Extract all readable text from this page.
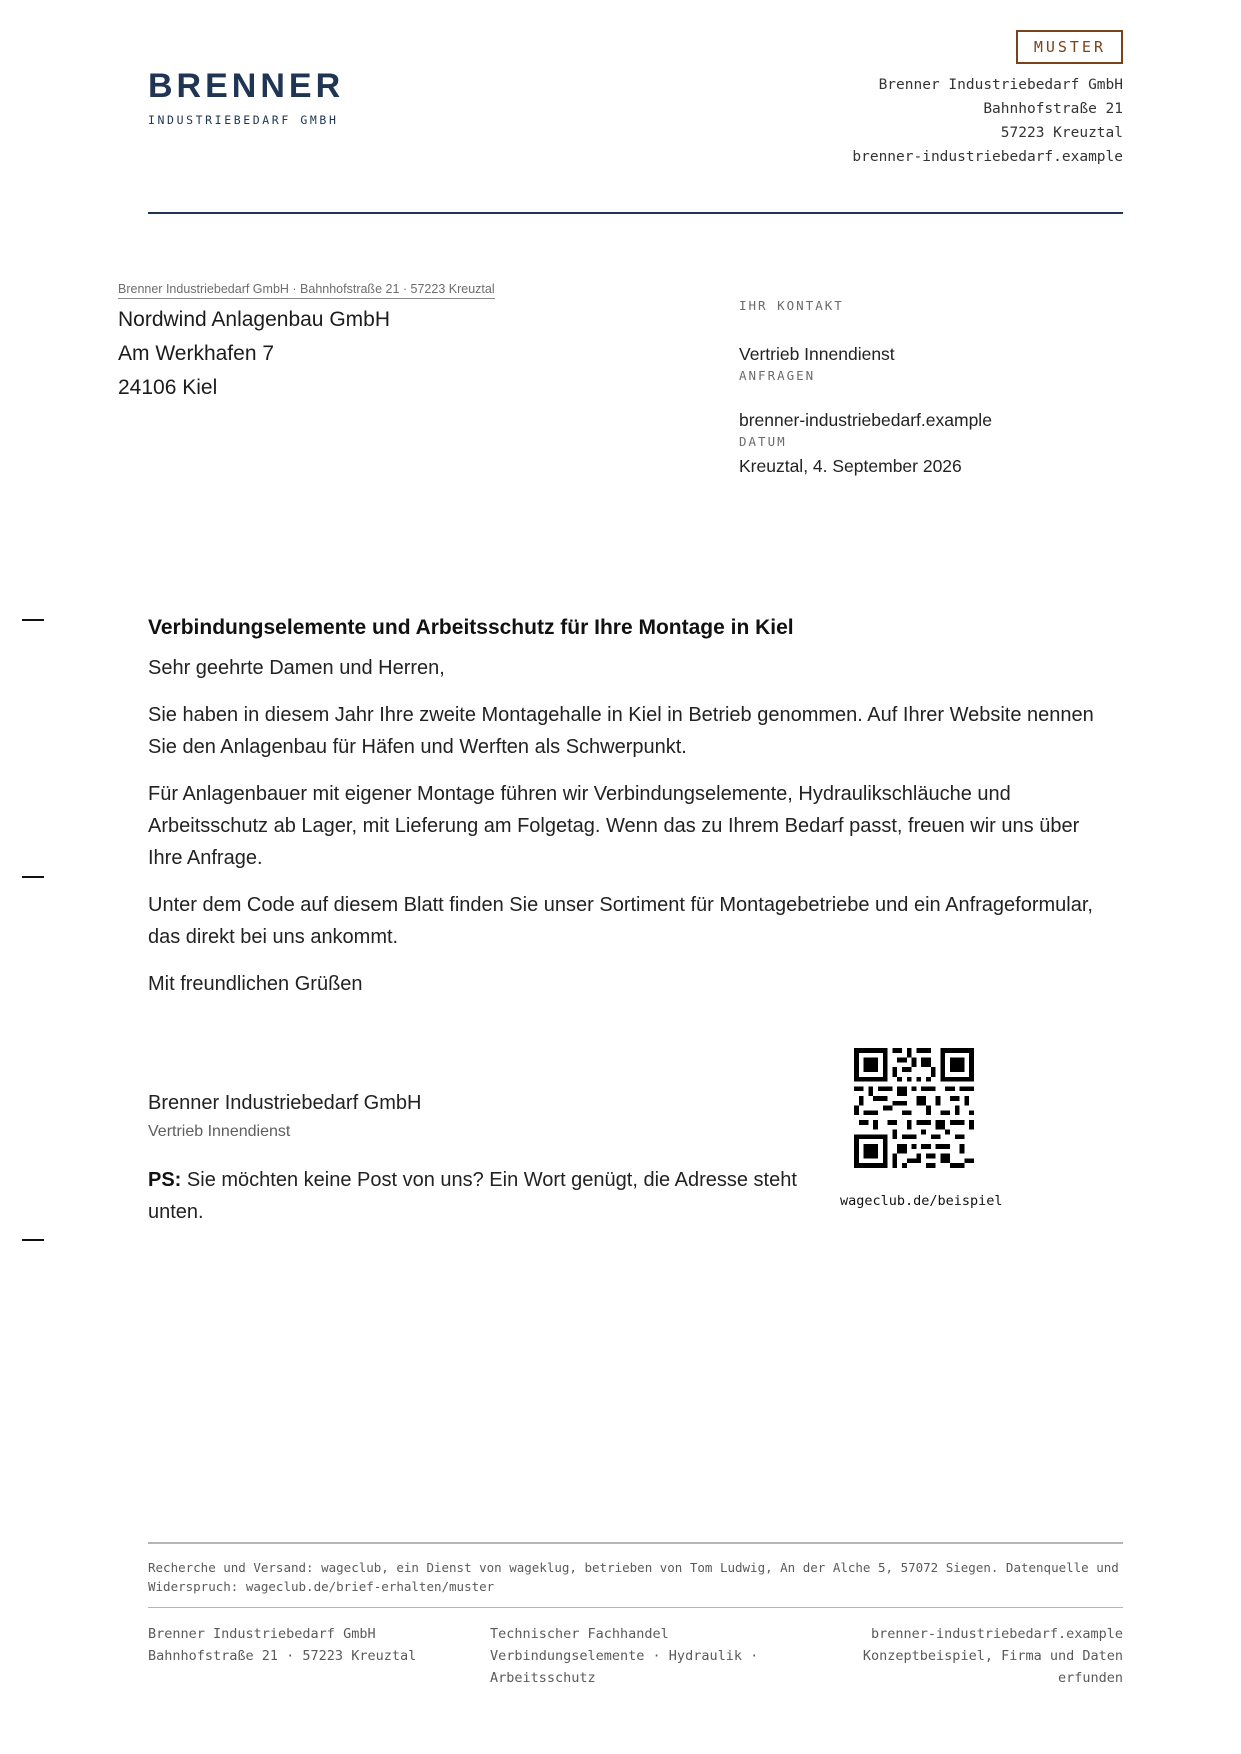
BRENNER
INDUSTRIEBEDARF GMBH
MUSTER
Brenner Industriebedarf GmbH
Bahnhofstraße 21
57223 Kreuztal
brenner-industriebedarf.example
Brenner Industriebedarf GmbH · Bahnhofstraße 21 · 57223 Kreuztal
Nordwind Anlagenbau GmbH
Am Werkhafen 7
24106 Kiel
IHR KONTAKT
Vertrieb Innendienst
ANFRAGEN
brenner-industriebedarf.example
DATUM
Kreuztal, 4. September 2026
Verbindungselemente und Arbeitsschutz für Ihre Montage in Kiel

Sehr geehrte Damen und Herren,

Sie haben in diesem Jahr Ihre zweite Montagehalle in Kiel in Betrieb genommen. Auf Ihrer Website nennen Sie den Anlagenbau für Häfen und Werften als Schwerpunkt.

Für Anlagenbauer mit eigener Montage führen wir Verbindungselemente, Hydraulikschläuche und Arbeitsschutz ab Lager, mit Lieferung am Folgetag. Wenn das zu Ihrem Bedarf passt, freuen wir uns über Ihre Anfrage.

Unter dem Code auf diesem Blatt finden Sie unser Sortiment für Montagebetriebe und ein Anfrageformular, das direkt bei uns ankommt.

Mit freundlichen Grüßen

Brenner Industriebedarf GmbH
Vertrieb Innendienst
PS: Sie möchten keine Post von uns? Ein Wort genügt, die Adresse steht unten.	wageclub.de/beispiel
Recherche und Versand: wageclub, ein Dienst von wageklug, betrieben von Tom Ludwig, An der Alche 5, 57072 Siegen. Datenquelle und Widerspruch: wageclub.de/brief-erhalten/muster
Brenner Industriebedarf GmbH
Bahnhofstraße 21 · 57223 Kreuztal
Technischer Fachhandel
Verbindungselemente · Hydraulik · Arbeitsschutz
brenner-industriebedarf.example
Konzeptbeispiel, Firma und Daten erfunden
